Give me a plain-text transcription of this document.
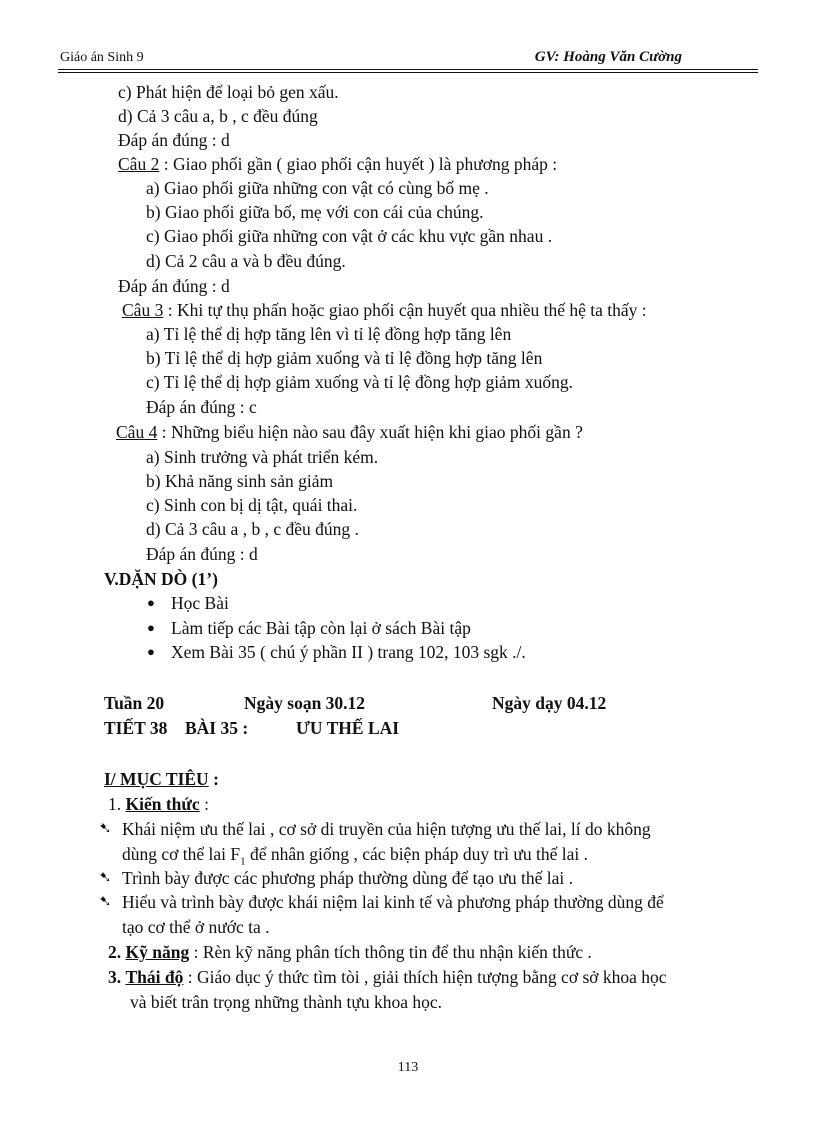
Giáo án Sinh 9	GV: Hoàng Văn Cường
c) Phát hiện để loại bỏ gen xấu.
d) Cả 3 câu a, b , c đều đúng
Đáp án đúng : d
Câu 2 : Giao phối gần ( giao phối cận huyết ) là phương pháp :
a) Giao phối giữa những con vật có cùng bố mẹ .
b) Giao phối giữa bố, mẹ với con cái của chúng.
c) Giao phối giữa những con vật ở các khu vực gần nhau .
d) Cả 2 câu a và b đều đúng.
Đáp án đúng : d
Câu 3 : Khi tự thụ phấn hoặc giao phối cận huyết qua nhiều thế hệ ta thấy :
a) Tỉ lệ thể dị hợp tăng lên vì tỉ lệ đồng hợp tăng lên
b) Tỉ lệ thể dị hợp giảm xuống và tỉ lệ đồng hợp tăng lên
c) Tỉ lệ thể dị hợp giảm xuống và tỉ lệ đồng hợp giảm xuống.
Đáp án đúng : c
Câu 4 : Những biểu hiện nào sau đây xuất hiện khi giao phối gần ?
a) Sinh trưởng và phát triển kém.
b) Khả năng sinh sản giảm
c) Sinh con bị dị tật, quái thai.
d) Cả 3 câu a , b , c đều đúng .
Đáp án đúng : d
V.DẶN DÒ (1’)
● Học Bài
● Làm tiếp các Bài tập còn lại ở sách Bài tập
● Xem Bài 35 ( chú ý phần II ) trang 102, 103 sgk ./.
Tuần 20	Ngày soạn 30.12	Ngày dạy 04.12
TIẾT 38 BÀI 35 :	ƯU THẾ LAI
I/ MỤC TIÊU :
1. Kiến thức :
➷ Khái niệm ưu thế lai , cơ sở di truyền của hiện tượng ưu thế lai, lí do không
dùng cơ thể lai $F_1$ để nhân giống , các biện pháp duy trì ưu thế lai .
➷ Trình bày được các phương pháp thường dùng để tạo ưu thế lai .
➷ Hiểu và trình bày được khái niệm lai kinh tế và phương pháp thường dùng để
tạo cơ thể ở nước ta .
2. Kỹ năng : Rèn kỹ năng phân tích thông tin để thu nhận kiến thức .
3. Thái độ : Giáo dục ý thức tìm tòi , giải thích hiện tượng bằng cơ sở khoa học
và biết trân trọng những thành tựu khoa học.
113
